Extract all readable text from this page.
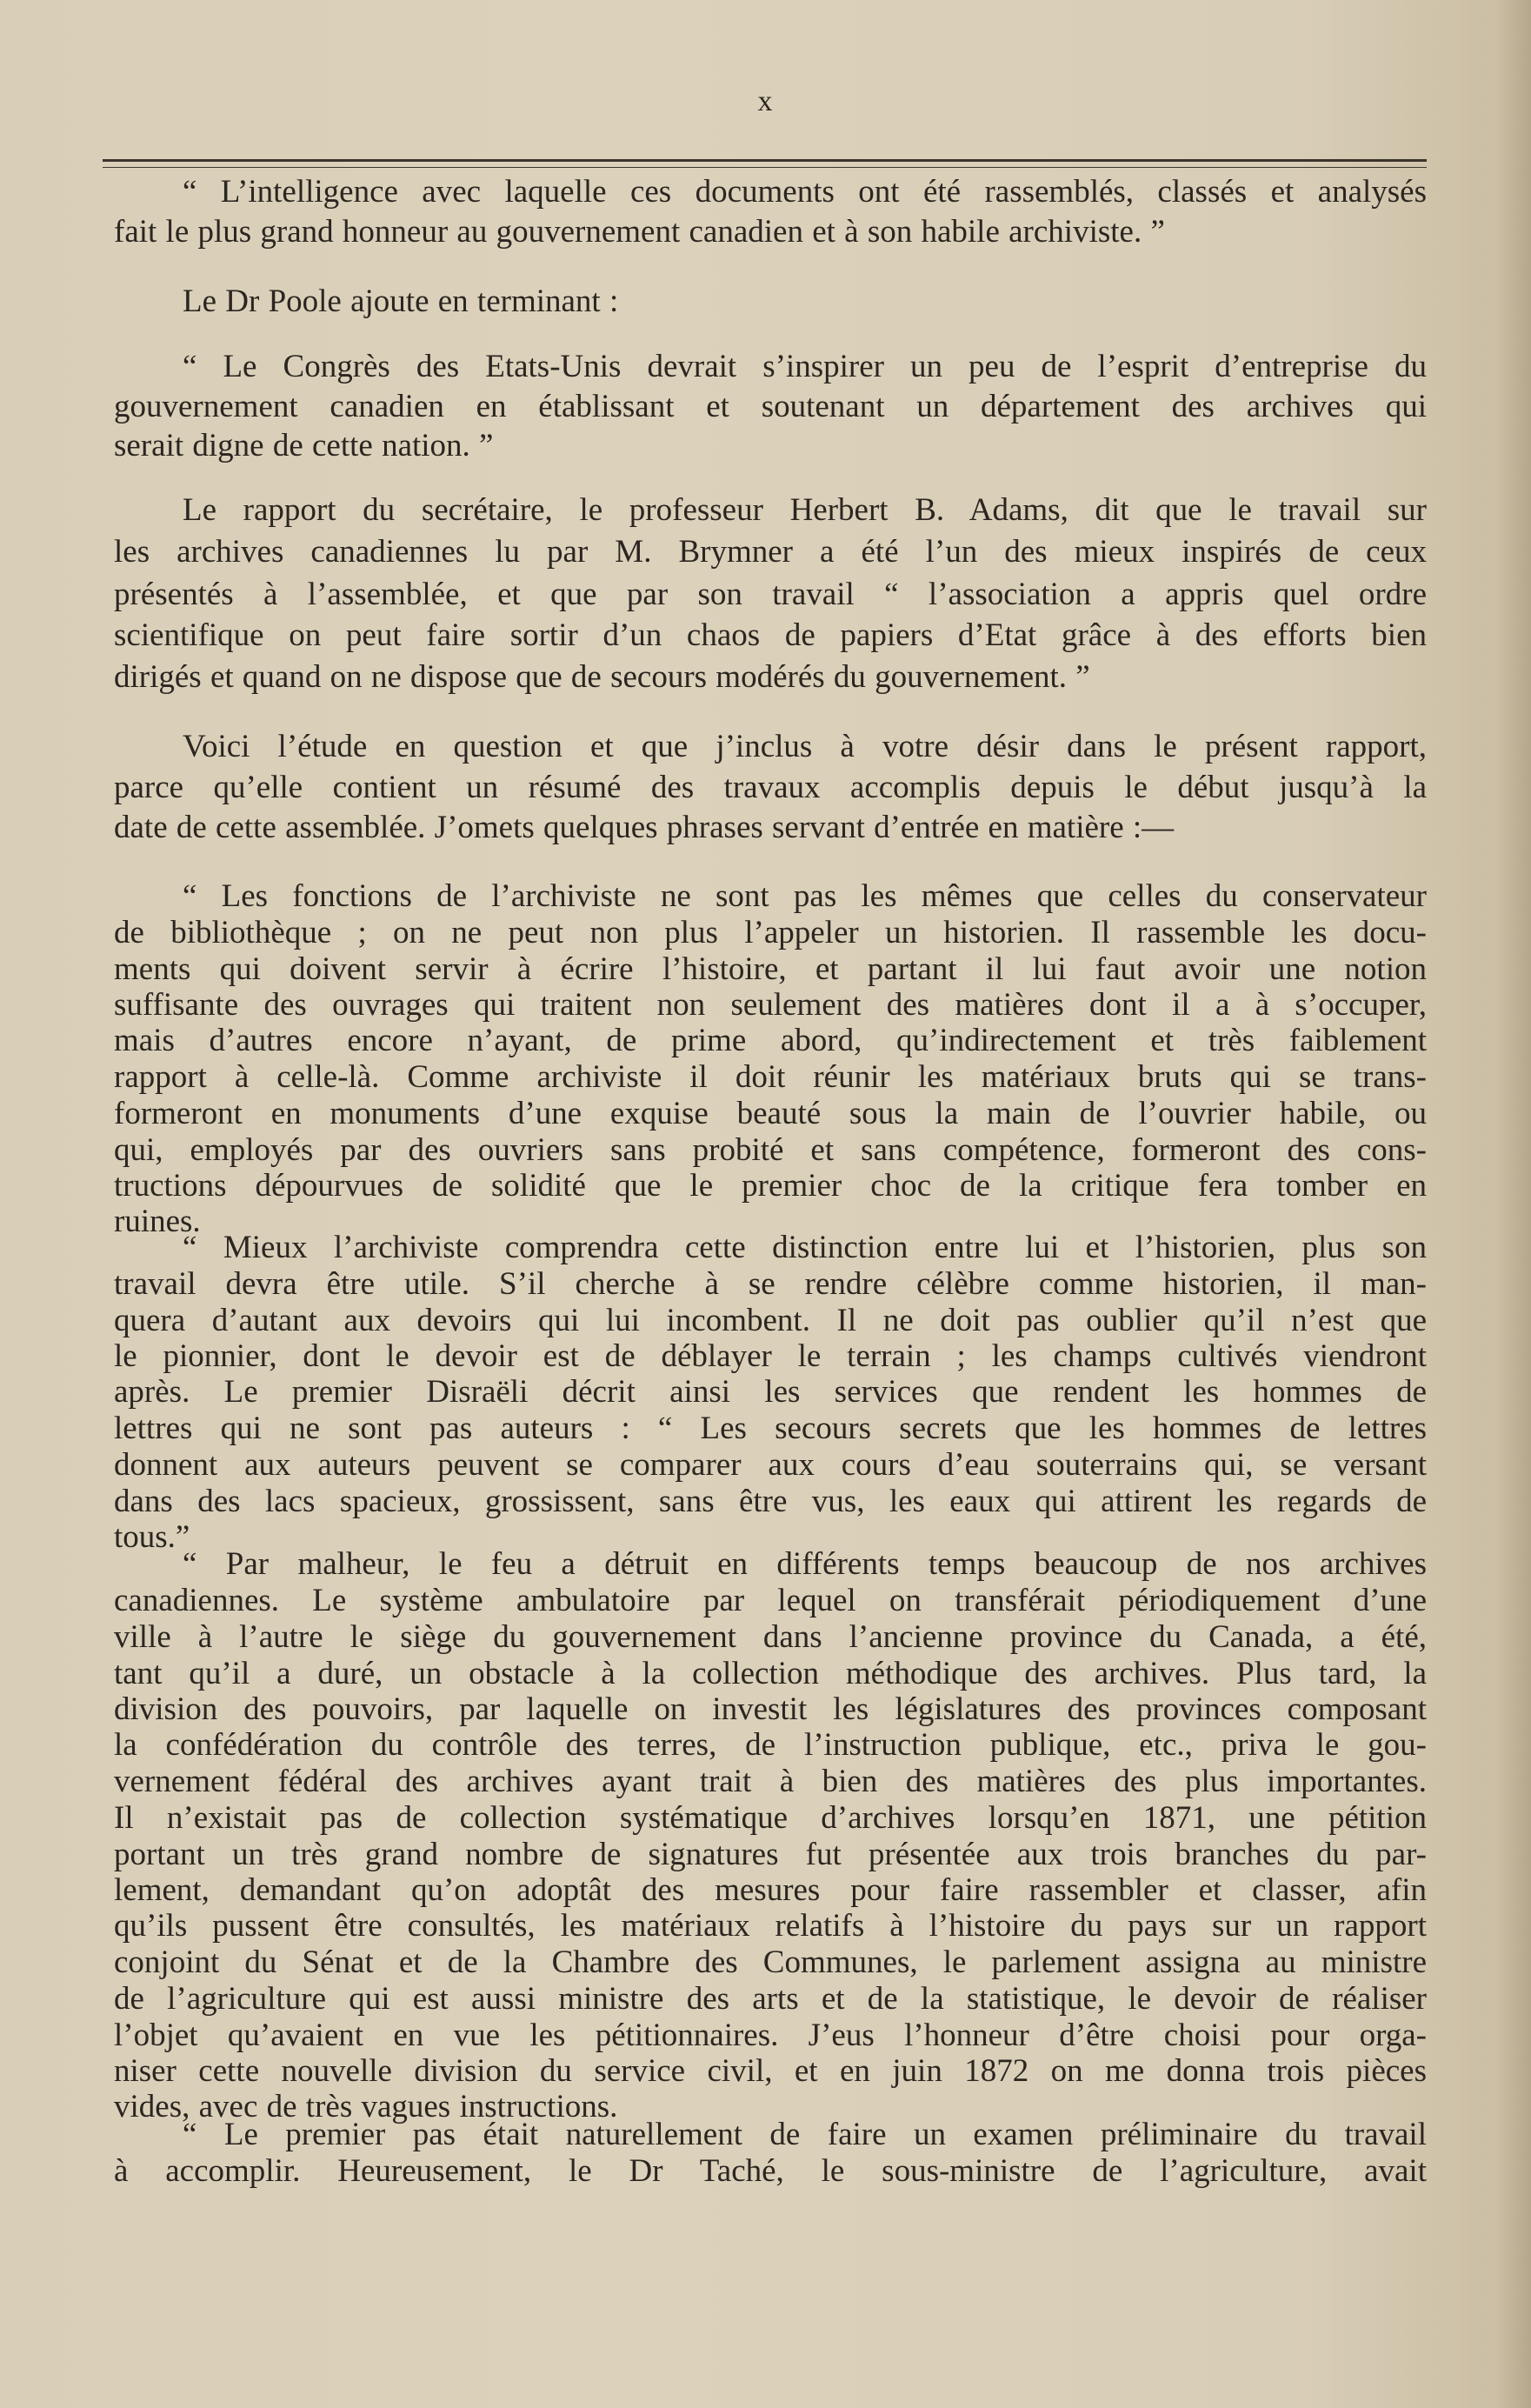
x
“ L’intelligence avec laquelle ces documents ont été rassemblés, classés et analysés
fait le plus grand honneur au gouvernement canadien et à son habile archiviste. ”
Le Dr Poole ajoute en terminant :
“ Le Congrès des Etats-Unis devrait s’inspirer un peu de l’esprit d’entreprise du
gouvernement canadien en établissant et soutenant un département des archives qui
serait digne de cette nation. ”
Le rapport du secrétaire, le professeur Herbert B. Adams, dit que le travail sur
les archives canadiennes lu par M. Brymner a été l’un des mieux inspirés de ceux
présentés à l’assemblée, et que par son travail “ l’association a appris quel ordre
scientifique on peut faire sortir d’un chaos de papiers d’Etat grâce à des efforts bien
dirigés et quand on ne dispose que de secours modérés du gouvernement. ”
Voici l’étude en question et que j’inclus à votre désir dans le présent rapport,
parce qu’elle contient un résumé des travaux accomplis depuis le début jusqu’à la
date de cette assemblée. J’omets quelques phrases servant d’entrée en matière :—
“ Les fonctions de l’archiviste ne sont pas les mêmes que celles du conservateur
de bibliothèque ; on ne peut non plus l’appeler un historien. Il rassemble les docu-
ments qui doivent servir à écrire l’histoire, et partant il lui faut avoir une notion
suffisante des ouvrages qui traitent non seulement des matières dont il a à s’occuper,
mais d’autres encore n’ayant, de prime abord, qu’indirectement et très faiblement
rapport à celle-là. Comme archiviste il doit réunir les matériaux bruts qui se trans-
formeront en monuments d’une exquise beauté sous la main de l’ouvrier habile, ou
qui, employés par des ouvriers sans probité et sans compétence, formeront des cons-
tructions dépourvues de solidité que le premier choc de la critique fera tomber en
ruines.
“ Mieux l’archiviste comprendra cette distinction entre lui et l’historien, plus son
travail devra être utile. S’il cherche à se rendre célèbre comme historien, il man-
quera d’autant aux devoirs qui lui incombent. Il ne doit pas oublier qu’il n’est que
le pionnier, dont le devoir est de déblayer le terrain ; les champs cultivés viendront
après. Le premier Disraëli décrit ainsi les services que rendent les hommes de
lettres qui ne sont pas auteurs : “ Les secours secrets que les hommes de lettres
donnent aux auteurs peuvent se comparer aux cours d’eau souterrains qui, se versant
dans des lacs spacieux, grossissent, sans être vus, les eaux qui attirent les regards de
tous.”
“ Par malheur, le feu a détruit en différents temps beaucoup de nos archives
canadiennes. Le système ambulatoire par lequel on transférait périodiquement d’une
ville à l’autre le siège du gouvernement dans l’ancienne province du Canada, a été,
tant qu’il a duré, un obstacle à la collection méthodique des archives. Plus tard, la
division des pouvoirs, par laquelle on investit les législatures des provinces composant
la confédération du contrôle des terres, de l’instruction publique, etc., priva le gou-
vernement fédéral des archives ayant trait à bien des matières des plus importantes.
Il n’existait pas de collection systématique d’archives lorsqu’en 1871, une pétition
portant un très grand nombre de signatures fut présentée aux trois branches du par-
lement, demandant qu’on adoptât des mesures pour faire rassembler et classer, afin
qu’ils pussent être consultés, les matériaux relatifs à l’histoire du pays sur un rapport
conjoint du Sénat et de la Chambre des Communes, le parlement assigna au ministre
de l’agriculture qui est aussi ministre des arts et de la statistique, le devoir de réaliser
l’objet qu’avaient en vue les pétitionnaires. J’eus l’honneur d’être choisi pour orga-
niser cette nouvelle division du service civil, et en juin 1872 on me donna trois pièces
vides, avec de très vagues instructions.
“ Le premier pas était naturellement de faire un examen préliminaire du travail
à accomplir. Heureusement, le Dr Taché, le sous-ministre de l’agriculture, avait
